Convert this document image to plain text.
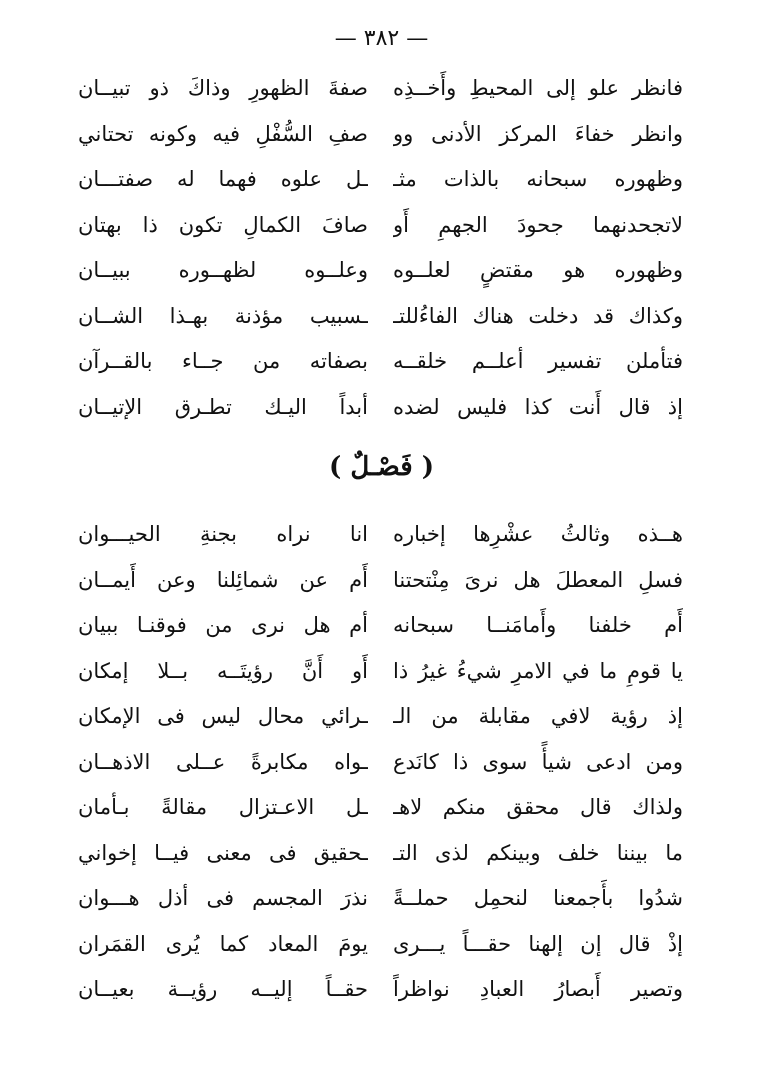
— ٣٨٢ —
فانظر علو إلى المحيطِ وأَخــذِه
صفةَ الظهورِ وذاكَ ذو تبيــان
وانظر خفاءَ المركز الأدنى وو
صفِ السُّفْلِ فيه وكونه تحتاني
وظهوره سبحانه بالذات مثـ
ـل علوه فهما له صفتـــان
لاتجحدنهما جحودَ الجهمِ أَو
صافَ الكمالِ تكون ذا بهتان
وظهوره هو مقتضٍ لعلــوه
وعلــوه لظهــوره ببيــان
وكذاك قد دخلت هناك الفاءُللتـ
ـسبيب مؤذنة بهـذا الشــان
فتأملن تفسير أعلــم خلقــه
بصفاته من جــاء بالقــرآن
إذ قال أَنت كذا فليس لضده
أبداً اليـك تطـرق الإتيــان
( فَصْـلٌ )
هــذه وثالثُ عشْرِها إخباره
انا نراه بجنةِ الحيـــوان
فسلِ المعطلَ هل نرىَ مِنْتحتنا
أَم عن شمائِلنا وعن أَيمــان
أَم خلفنا وأَمامَنــا سبحانه
أم هل نرى من فوقنـا ببيان
يا قومِ ما في الامرِ شيءُ غيرُ ذا
أَو أَنَّ رؤيتَــه بــلا إمكان
إذ رؤية لافي مقابلة من الـ
ـرائي محال ليس فى الإمكان
ومن ادعى شيأً سوى ذا كانَدع
ـواه مكابرةً عــلى الاذهــان
ولذاك قال محقق منكم لاهـ
ـل الاعـتزال مقالةً بـأمان
ما بيننا خلف وبينكم لذى التـ
ـحقيق فى معنى فيــا إخواني
شدُوا بأَجمعنا لنحمِل حملــةً
نذرَ المجسم فى أذل هـــوان
إذْ قال إن إلهنا حقـــاً يـــرى
يومَ المعاد كما يُرى القمَران
وتصير أَبصارُ العبادِ نواظراً
حقــاً إليــه رؤيــة بعيــان
